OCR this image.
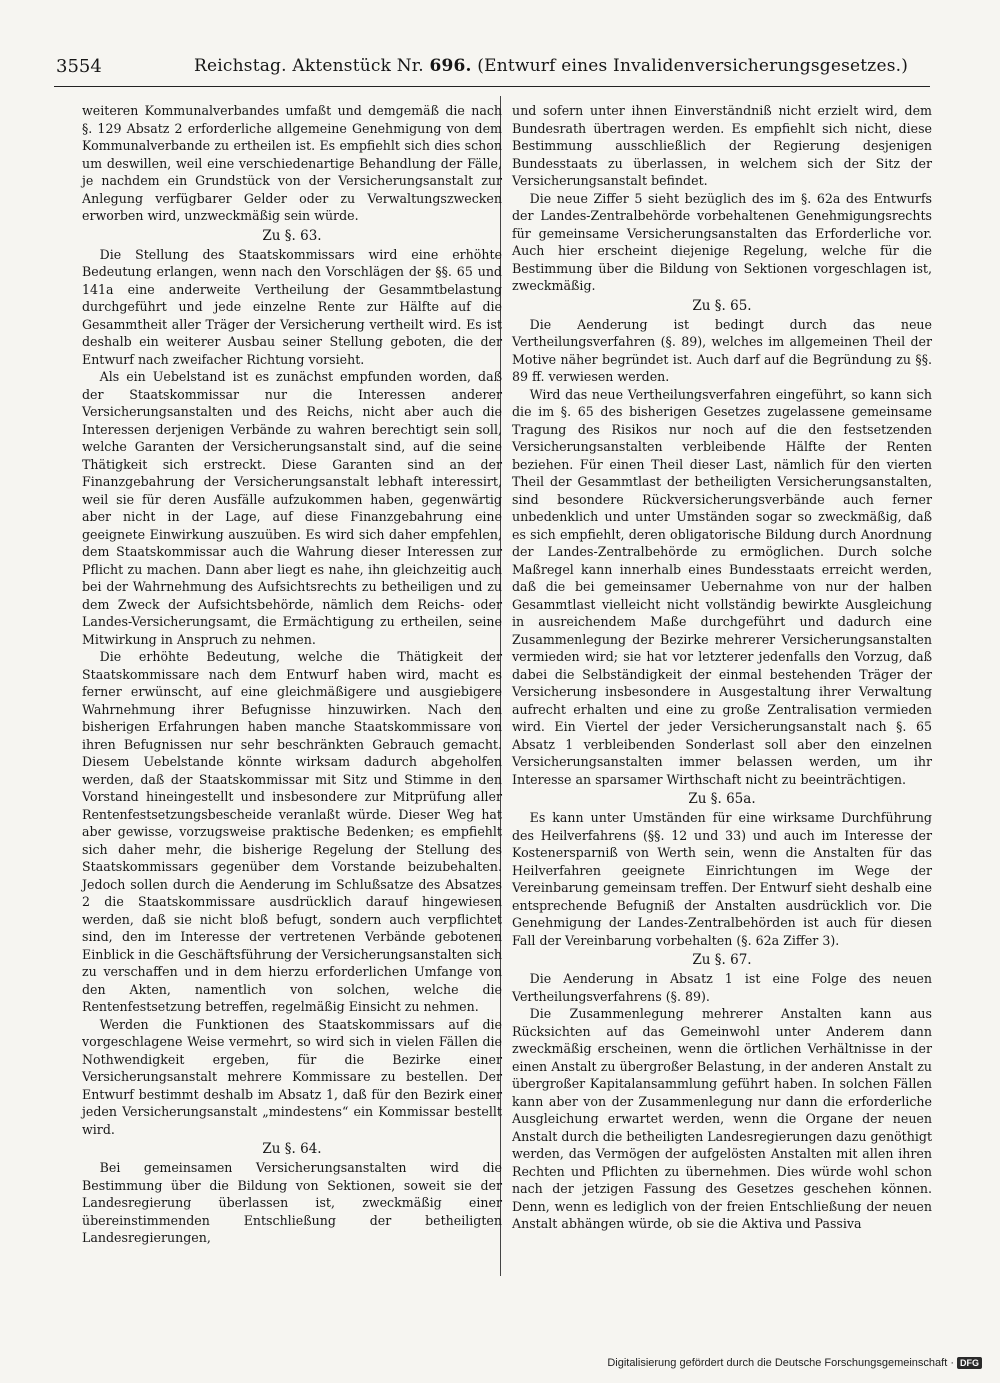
3554	Reichstag. Aktenstück Nr. 696. (Entwurf eines Invalidenversicherungsgesetzes.)

weiteren Kommunalverbandes umfaßt und demgemäß die nach §. 129 Absatz 2 erforderliche allgemeine Genehmigung von dem Kommunalverbande zu ertheilen ist. Es empfiehlt sich dies schon um deswillen, weil eine verschiedenartige Behandlung der Fälle, je nachdem ein Grundstück von der Versicherungsanstalt zur Anlegung verfügbarer Gelder oder zu Verwaltungszwecken erworben wird, unzweckmäßig sein würde.

Zu §. 63.

Die Stellung des Staatskommissars wird eine erhöhte Bedeutung erlangen, wenn nach den Vorschlägen der §§. 65 und 141a eine anderweite Vertheilung der Gesammtbelastung durchgeführt und jede einzelne Rente zur Hälfte auf die Gesammtheit aller Träger der Versicherung vertheilt wird. Es ist deshalb ein weiterer Ausbau seiner Stellung geboten, die der Entwurf nach zweifacher Richtung vorsieht.

Als ein Uebelstand ist es zunächst empfunden worden, daß der Staatskommissar nur die Interessen anderer Versicherungsanstalten und des Reichs, nicht aber auch die Interessen derjenigen Verbände zu wahren berechtigt sein soll, welche Garanten der Versicherungsanstalt sind, auf die seine Thätigkeit sich erstreckt. Diese Garanten sind an der Finanzgebahrung der Versicherungsanstalt lebhaft interessirt, weil sie für deren Ausfälle aufzukommen haben, gegenwärtig aber nicht in der Lage, auf diese Finanzgebahrung eine geeignete Einwirkung auszuüben. Es wird sich daher empfehlen, dem Staatskommissar auch die Wahrung dieser Interessen zur Pflicht zu machen. Dann aber liegt es nahe, ihn gleichzeitig auch bei der Wahrnehmung des Aufsichtsrechts zu betheiligen und zu dem Zweck der Aufsichtsbehörde, nämlich dem Reichs- oder Landes-Versicherungsamt, die Ermächtigung zu ertheilen, seine Mitwirkung in Anspruch zu nehmen.

Die erhöhte Bedeutung, welche die Thätigkeit der Staatskommissare nach dem Entwurf haben wird, macht es ferner erwünscht, auf eine gleichmäßigere und ausgiebigere Wahrnehmung ihrer Befugnisse hinzuwirken. Nach den bisherigen Erfahrungen haben manche Staatskommissare von ihren Befugnissen nur sehr beschränkten Gebrauch gemacht. Diesem Uebelstande könnte wirksam dadurch abgeholfen werden, daß der Staatskommissar mit Sitz und Stimme in den Vorstand hineingestellt und insbesondere zur Mitprüfung aller Rentenfestsetzungsbescheide veranlaßt würde. Dieser Weg hat aber gewisse, vorzugsweise praktische Bedenken; es empfiehlt sich daher mehr, die bisherige Regelung der Stellung des Staatskommissars gegenüber dem Vorstande beizubehalten. Jedoch sollen durch die Aenderung im Schlußsatze des Absatzes 2 die Staatskommissare ausdrücklich darauf hingewiesen werden, daß sie nicht bloß befugt, sondern auch verpflichtet sind, den im Interesse der vertretenen Verbände gebotenen Einblick in die Geschäftsführung der Versicherungsanstalten sich zu verschaffen und in dem hierzu erforderlichen Umfange von den Akten, namentlich von solchen, welche die Rentenfestsetzung betreffen, regelmäßig Einsicht zu nehmen.

Werden die Funktionen des Staatskommissars auf die vorgeschlagene Weise vermehrt, so wird sich in vielen Fällen die Nothwendigkeit ergeben, für die Bezirke einer Versicherungsanstalt mehrere Kommissare zu bestellen. Der Entwurf bestimmt deshalb im Absatz 1, daß für den Bezirk einer jeden Versicherungsanstalt „mindestens“ ein Kommissar bestellt wird.

Zu §. 64.

Bei gemeinsamen Versicherungsanstalten wird die Bestimmung über die Bildung von Sektionen, soweit sie der Landesregierung überlassen ist, zweckmäßig einer übereinstimmenden Entschließung der betheiligten Landesregierungen,

und sofern unter ihnen Einverständniß nicht erzielt wird, dem Bundesrath übertragen werden. Es empfiehlt sich nicht, diese Bestimmung ausschließlich der Regierung desjenigen Bundesstaats zu überlassen, in welchem sich der Sitz der Versicherungsanstalt befindet.

Die neue Ziffer 5 sieht bezüglich des im §. 62a des Entwurfs der Landes-Zentralbehörde vorbehaltenen Genehmigungsrechts für gemeinsame Versicherungsanstalten das Erforderliche vor. Auch hier erscheint diejenige Regelung, welche für die Bestimmung über die Bildung von Sektionen vorgeschlagen ist, zweckmäßig.

Zu §. 65.

Die Aenderung ist bedingt durch das neue Vertheilungsverfahren (§. 89), welches im allgemeinen Theil der Motive näher begründet ist. Auch darf auf die Begründung zu §§. 89 ff. verwiesen werden.

Wird das neue Vertheilungsverfahren eingeführt, so kann sich die im §. 65 des bisherigen Gesetzes zugelassene gemeinsame Tragung des Risikos nur noch auf die den festsetzenden Versicherungsanstalten verbleibende Hälfte der Renten beziehen. Für einen Theil dieser Last, nämlich für den vierten Theil der Gesammtlast der betheiligten Versicherungsanstalten, sind besondere Rückversicherungsverbände auch ferner unbedenklich und unter Umständen sogar so zweckmäßig, daß es sich empfiehlt, deren obligatorische Bildung durch Anordnung der Landes-Zentralbehörde zu ermöglichen. Durch solche Maßregel kann innerhalb eines Bundesstaats erreicht werden, daß die bei gemeinsamer Uebernahme von nur der halben Gesammtlast vielleicht nicht vollständig bewirkte Ausgleichung in ausreichendem Maße durchgeführt und dadurch eine Zusammenlegung der Bezirke mehrerer Versicherungsanstalten vermieden wird; sie hat vor letzterer jedenfalls den Vorzug, daß dabei die Selbständigkeit der einmal bestehenden Träger der Versicherung insbesondere in Ausgestaltung ihrer Verwaltung aufrecht erhalten und eine zu große Zentralisation vermieden wird. Ein Viertel der jeder Versicherungsanstalt nach §. 65 Absatz 1 verbleibenden Sonderlast soll aber den einzelnen Versicherungsanstalten immer belassen werden, um ihr Interesse an sparsamer Wirthschaft nicht zu beeinträchtigen.

Zu §. 65a.

Es kann unter Umständen für eine wirksame Durchführung des Heilverfahrens (§§. 12 und 33) und auch im Interesse der Kostenersparniß von Werth sein, wenn die Anstalten für das Heilverfahren geeignete Einrichtungen im Wege der Vereinbarung gemeinsam treffen. Der Entwurf sieht deshalb eine entsprechende Befugniß der Anstalten ausdrücklich vor. Die Genehmigung der Landes-Zentralbehörden ist auch für diesen Fall der Vereinbarung vorbehalten (§. 62a Ziffer 3).

Zu §. 67.

Die Aenderung in Absatz 1 ist eine Folge des neuen Vertheilungsverfahrens (§. 89).

Die Zusammenlegung mehrerer Anstalten kann aus Rücksichten auf das Gemeinwohl unter Anderem dann zweckmäßig erscheinen, wenn die örtlichen Verhältnisse in der einen Anstalt zu übergroßer Belastung, in der anderen Anstalt zu übergroßer Kapitalansammlung geführt haben. In solchen Fällen kann aber von der Zusammenlegung nur dann die erforderliche Ausgleichung erwartet werden, wenn die Organe der neuen Anstalt durch die betheiligten Landesregierungen dazu genöthigt werden, das Vermögen der aufgelösten Anstalten mit allen ihren Rechten und Pflichten zu übernehmen. Dies würde wohl schon nach der jetzigen Fassung des Gesetzes geschehen können. Denn, wenn es lediglich von der freien Entschließung der neuen Anstalt abhängen würde, ob sie die Aktiva und Passiva

Digitalisierung gefördert durch die Deutsche Forschungsgemeinschaft · DFG
